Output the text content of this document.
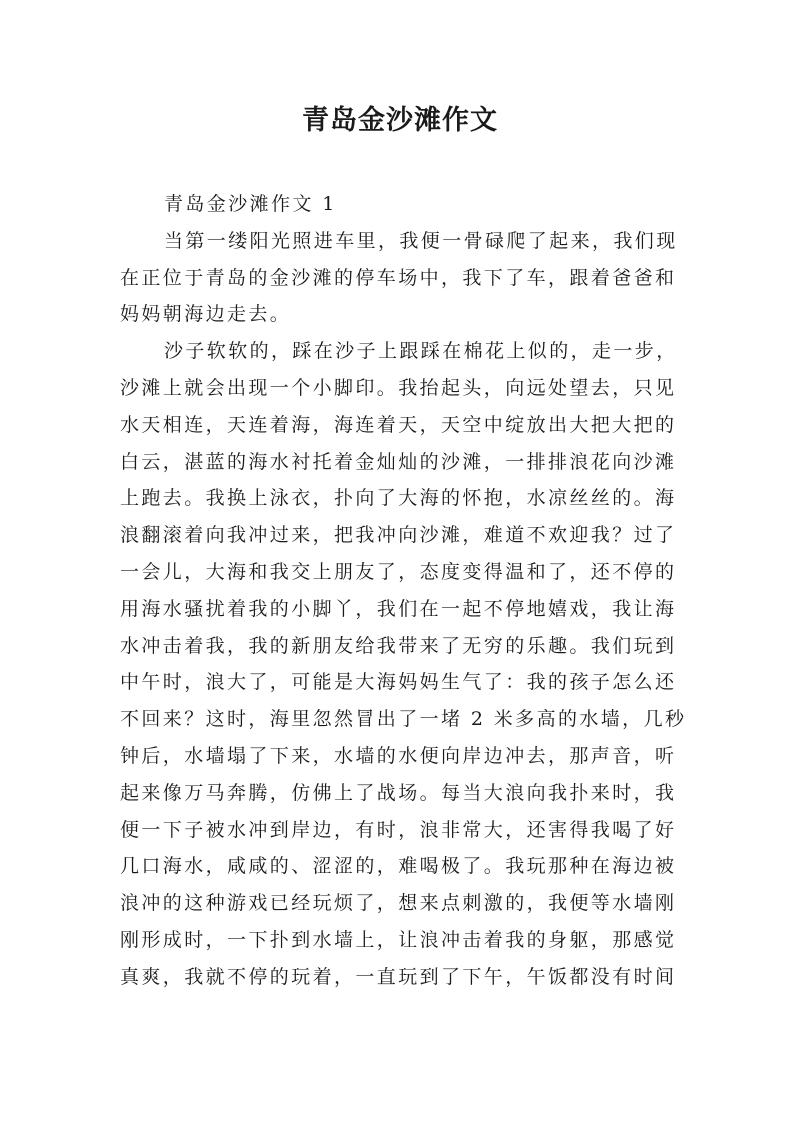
青岛金沙滩作文
青岛金沙滩作文 1
当第一缕阳光照进车里，我便一骨碌爬了起来，我们现
在正位于青岛的金沙滩的停车场中，我下了车，跟着爸爸和
妈妈朝海边走去。
沙子软软的，踩在沙子上跟踩在棉花上似的，走一步，
沙滩上就会出现一个小脚印。我抬起头，向远处望去，只见
水天相连，天连着海，海连着天，天空中绽放出大把大把的
白云，湛蓝的海水衬托着金灿灿的沙滩，一排排浪花向沙滩
上跑去。我换上泳衣，扑向了大海的怀抱，水凉丝丝的。海
浪翻滚着向我冲过来，把我冲向沙滩，难道不欢迎我？过了
一会儿，大海和我交上朋友了，态度变得温和了，还不停的
用海水骚扰着我的小脚丫，我们在一起不停地嬉戏，我让海
水冲击着我，我的新朋友给我带来了无穷的乐趣。我们玩到
中午时，浪大了，可能是大海妈妈生气了：我的孩子怎么还
不回来？这时，海里忽然冒出了一堵 2 米多高的水墙，几秒
钟后，水墙塌了下来，水墙的水便向岸边冲去，那声音，听
起来像万马奔腾，仿佛上了战场。每当大浪向我扑来时，我
便一下子被水冲到岸边，有时，浪非常大，还害得我喝了好
几口海水，咸咸的、涩涩的，难喝极了。我玩那种在海边被
浪冲的这种游戏已经玩烦了，想来点刺激的，我便等水墙刚
刚形成时，一下扑到水墙上，让浪冲击着我的身躯，那感觉
真爽，我就不停的玩着，一直玩到了下午，午饭都没有时间
